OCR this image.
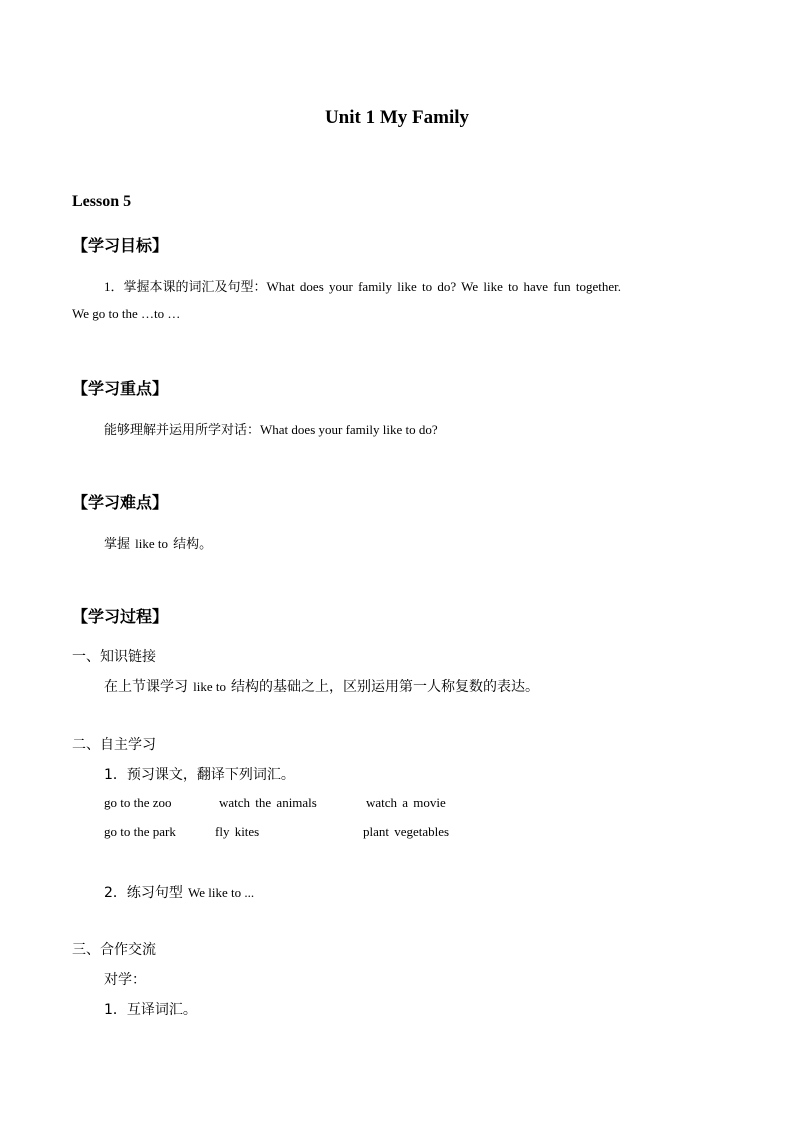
Unit 1 My Family
Lesson 5
【学习目标】
1．掌握本课的词汇及句型：What does your family like to do? We like to have fun together.
We go to the …to …
【学习重点】
能够理解并运用所学对话：What does your family like to do?
【学习难点】
掌握 like to 结构。
【学习过程】
一、知识链接
在上节课学习 like to 结构的基础之上，区别运用第一人称复数的表达。
二、自主学习
1．预习课文，翻译下列词汇。
go to the zoo	watch the animals	watch a movie
go to the park	fly kites	plant vegetables
2．练习句型 We like to ...
三、合作交流
对学：
1．互译词汇。
